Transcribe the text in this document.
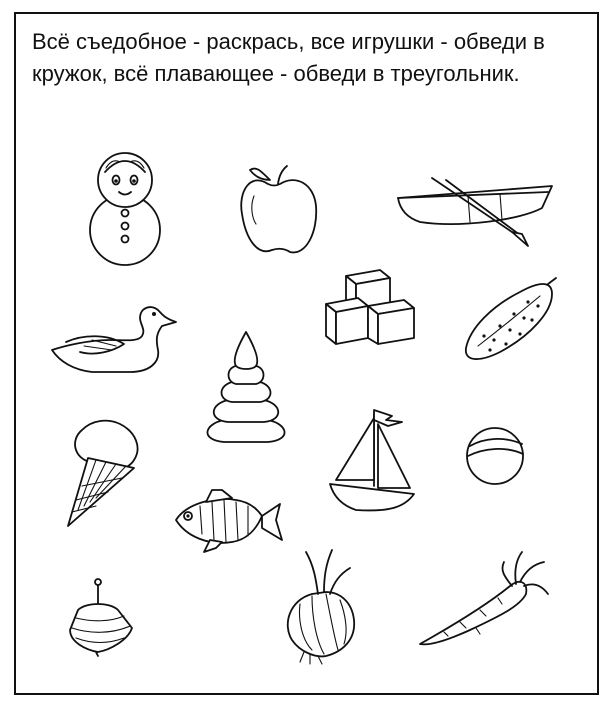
Всё съедобное - раскрась, все игрушки - обведи в кружок, всё плавающее - обведи в треугольник.
